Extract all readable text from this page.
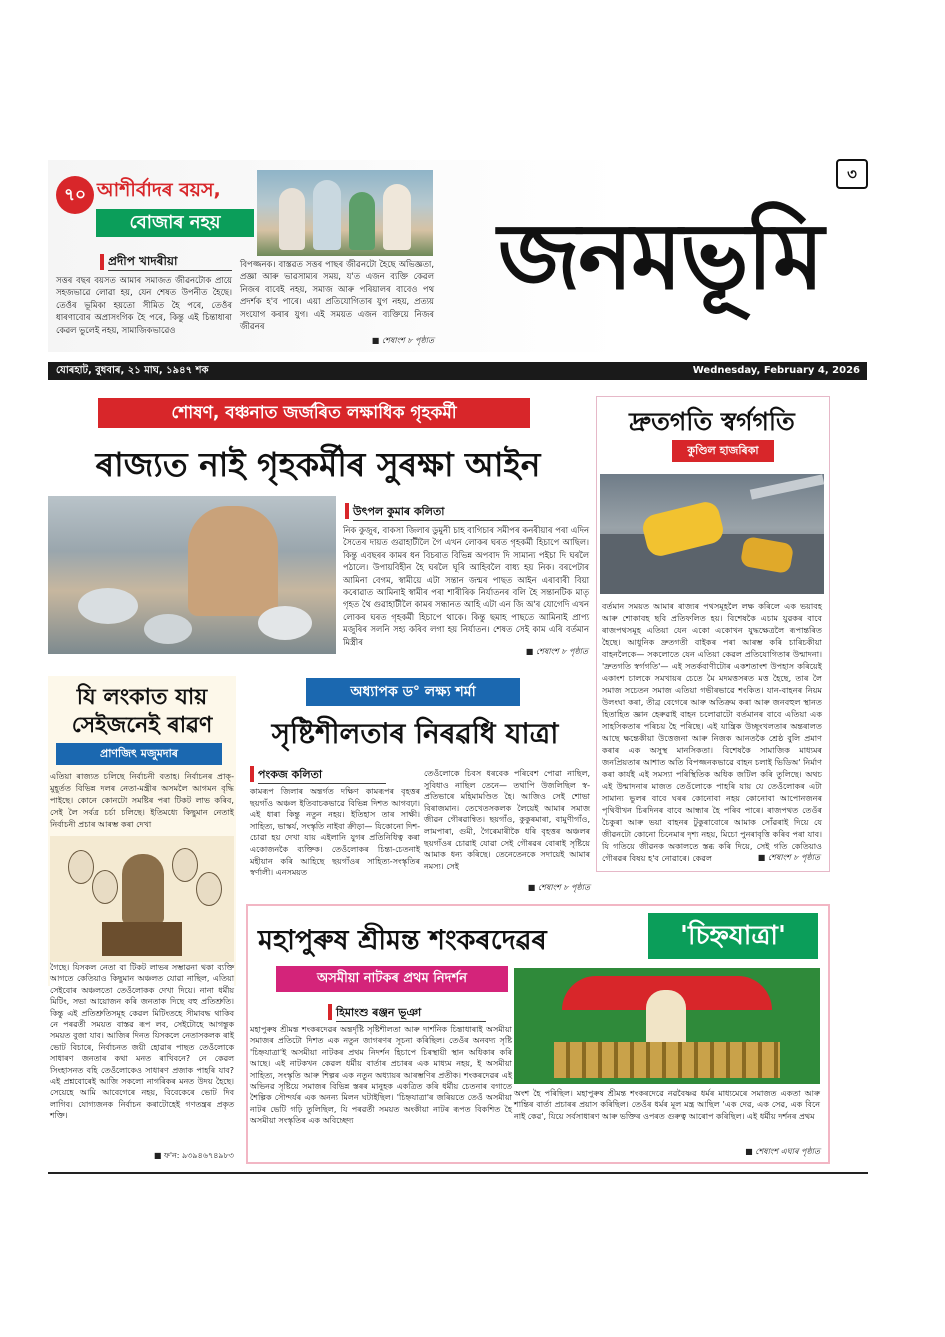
৩
৭০ আশীৰ্বাদৰ বয়স,
বোজাৰ নহয়
প্ৰদীপ খাদৰীয়া
সত্তৰ বছৰ বয়সত আমাৰ সমাজত জীৱনটোক প্ৰায়ে সহজভাৱে লোৱা হয়, যেন শেষত উপনীত হৈছে। তেওঁৰ ভূমিকা হয়তো সীমিত হৈ পৰে, তেওঁৰ ধাৰণাবোৰ অপ্ৰাসংগিক হৈ পৰে, কিন্তু এই চিন্তাধাৰা কেৱল ভুলেই নহয়, সামাজিকভাৱেও
বিপজ্জনক। বাস্তৱত সত্তৰ পাছৰ জীৱনটো হৈছে অভিজ্ঞতা, প্ৰজ্ঞা আৰু ভাৱসাম্যৰ সময়, য'ত এজন ব্যক্তি কেৱল নিজৰ বাবেই নহয়, সমাজ আৰু পৰিয়ালৰ বাবেও পথ প্ৰদৰ্শক হ'ব পাৰে। এয়া প্ৰতিযোগিতাৰ যুগ নহয়, প্ৰত্যয় সংযোগ কৰাৰ যুগ। এই সময়ত এজন ব্যক্তিয়ে নিজৰ জীৱনৰ
■ শেষাংশ ৮ পৃষ্ঠাত
জনমভূমি
যোৰহাট, বুধবাৰ, ২১ মাঘ, ১৯৪৭ শক	Wednesday, February 4, 2026
শোষণ, বঞ্চনাত জৰ্জৰিত লক্ষাধিক গৃহকৰ্মী
ৰাজ্যত নাই গৃহকৰ্মীৰ সুৰক্ষা আইন
উৎপল কুমাৰ কলিতা
নিক কুজুৰ, বাকসা জিলাৰ ডুমুনী চাহ বাগিচাৰ সমীপৰ কনৰীয়াৰ পৰা এদিন সৈতেৰ দায়ত গুৱাহাটীলৈ গৈ এখন লোকৰ ঘৰত গৃহকৰ্মী হিচাপে আছিল। কিন্তু এবছৰৰ কামৰ ধন বিচৰাত বিভিন্ন অপবাদ দি সামান্য পইচা দি ঘৰলৈ পঠালে। উপায়বিহীন হৈ ঘৰলৈ ঘূৰি আহিবলৈ বাধ্য হয় নিক। বৰপেটাৰ আমিনা বেগম, স্বামীয়ে এটা সন্তান জন্মৰ পাছত আইন এৰাবাৰী বিয়া কৰোৱাত আমিনাই স্বামীৰ পৰা শাৰীৰিক নিৰ্যাতনৰ বলি হৈ সন্তানটিক মাতৃ গৃহত থৈ গুৱাহাটীলৈ কামৰ সন্ধানত আহি এটা এন জি অ'ৰ যোগেদি এখন লোকৰ ঘৰত গৃহকৰ্মী হিচাপে থাকে। কিন্তু ছমাহ পাছতে আমিনাই প্ৰাপ্য মজুৰিৰ সলনি সহ্য কৰিব লগা হয় নিৰ্যাতন। শেষত সেই কাম এৰি বৰ্তমান মিস্ত্ৰীৰ
■ শেষাংশ ৮ পৃষ্ঠাত
দ্ৰুতগতি স্বৰ্গগতি
কুণ্ডিল হাজৰিকা
বৰ্তমান সময়ত আমাৰ ৰাজ্যৰ পথসমূহলৈ লক্ষ কৰিলে এক ভয়াবহ আৰু শোকাবহ ছবি প্ৰতিফলিত হয়। বিশেষকৈ এচাম যুৱকৰ বাবে ৰাজপথসমূহ এতিয়া যেন একো একোখন যুদ্ধক্ষেত্ৰলৈ ৰূপান্তৰিত হৈছে। আধুনিক দ্ৰুতগতী বাইকৰ পৰা আৰম্ভ কৰি চাৰিচকীয়া বাহনলৈকে— সকলোতে যেন এতিয়া কেৱল প্ৰতিযোগিতাৰ উন্মাদনা। 'দ্ৰুতগতি স্বৰ্গগতি'— এই সতৰ্কবাণীটোৰ একশতাংশ উপহাস কৰিয়েই একাংশ চালকে সমখায়ৰ চেতে মৈ মদমত্তসৰত মত্ত হৈছে, তাৰ লৈ সমাজ সচেতন সমাজ এতিয়া গভীৰভাৱে শংকিত। যান-বাহনৰ নিয়ম উলংঘা কৰা, তীব্ৰ বেগেৰে আৰু অতিক্ৰম কৰা আৰু জনবহুল স্থানত হিতাহিত জ্ঞান হেৰুৱাই বাহন চলোৱাটো বৰ্তমানৰ বাবে এতিয়া এক সাহসিকতাৰ পৰিচয় হৈ পৰিছে। এই যান্ত্ৰিক উচ্ছৃংখলতাৰ অন্তৰালত আছে ক্ষন্তেকীয়া উত্তেজনা আৰু নিজক আনতকৈ শ্ৰেষ্ঠ বুলি প্ৰমাণ কৰাৰ এক অসুস্থ মানসিকতা। বিশেষকৈ সামাজিক মাধ্যমৰ জনপ্ৰিয়তাৰ আশাত অতি বিপজ্জনকভাৱে বাহন চলাই ভিডিঅ' নিৰ্মাণ কৰা কাৰ্যই এই সমস্যা পৰিস্থিতিক অধিক জটিল কৰি তুলিছে। অথচ এই উন্মাদনাৰ মাজত তেওঁলোকে পাহৰি যায় যে তেওঁলোকৰ এটা সামান্য ভুলৰ বাবে ঘৰৰ কোনোবা নহয় কোনোবা আপোনজনৰ পৃথিবীখন চিৰদিনৰ বাবে আন্ধাৰ হৈ পৰিব পাৰে। ৰাজপথত তেওঁৰ চৈকুৰা আৰু ভয়া বাহনৰ টুকুৰাবোৰে আমাক সোঁৱৰাই দিয়ে যে জীৱনটো কোনো চিনেমাৰ দৃশ্য নহয়, মিচো পুনৰাবৃত্তি কৰিব পৰা যাব। যি গতিয়ে জীৱনক অকালতে স্তব্ধ কৰি দিয়ে, সেই গতি কেতিয়াও গৌৰৱৰ বিষয় হ'ব নোৱাৰে। কেৱল	■ শেষাংশ ৮ পৃষ্ঠাত
যি লংকাত যায়
সেইজনেই ৰাৱণ
প্ৰাণজিৎ মজুমদাৰ
এতিয়া ৰাজ্যত চলিছে নিৰ্বাচনী বতাহ। নিৰ্বাচনৰ প্ৰাক্-মুহূৰ্তত বিভিন্ন দলৰ নেতা-মন্ত্ৰীৰ অসমলৈ আগমন বৃদ্ধি পাইছে। কোনে কোনটো সমষ্টিৰ পৰা টিকট লাভ কৰিব, সেই লৈ সৰ্বত্ৰ চৰ্চা চলিছে। ইতিমধ্যে কিছুমান নেতাই নিৰ্বাচনী প্ৰচাৰ আৰম্ভ কৰা দেখা
গৈছে। যিসকল নেতা বা টিকট লাভৰ সম্ভাৱনা থকা ব্যক্তি আগতে কেতিয়াও কিছুমান অঞ্চলত যোৱা নাছিল, এতিয়া সেইবোৰ অঞ্চলতো তেওঁলোকক দেখা দিয়ে। নানা ধৰ্মীয় মিটিং, সভা আয়োজন কৰি জনতাক দিছে বহু প্ৰতিশ্ৰুতি। কিন্তু এই প্ৰতিশ্ৰুতিসমূহ কেৱল মিটিংতহে সীমাবদ্ধ থাকিব নে পৰৱৰ্তী সময়ত বাস্তৱ ৰূপ লব, সেইটোহে আগন্তুক সময়ত বুজা যাব। আজিৰ দিনত যিসকলে নেতাসকলক ৰাই ভোট বিচাৰে, নিৰ্বাচনত জয়ী হোৱাৰ পাছত তেওঁলোকে সাধাৰণ জনতাৰ কথা মনত ৰাখিবনে? নে কেৱল সিংহাসনত বহি তেওঁলোকেও সাধাৰণ প্ৰজাক পাহৰি যাব? এই প্ৰশ্নবোৰেই আজি সকলো নাগৰিকৰ মনত উদয় হৈছে। সেয়েহে আমি আবেগেৰে নহয়, বিবেকেৰে ভোট দিব লাগিব। যোগ্যজনক নিৰ্বাচন কৰাটোহেই গণতন্ত্ৰৰ প্ৰকৃত শক্তি।
■ ফ'ন: ৯৩৯৪৬৭৪৯৮৩
অধ্যাপক ড° লক্ষ্য শৰ্মা
সৃষ্টিশীলতাৰ নিৰৱধি যাত্ৰা
পংকজ কলিতা
কামৰূপ জিলাৰ অন্তৰ্গত দক্ষিণ কামৰূপৰ বৃহত্তৰ ছয়গাঁও অঞ্চল ইতিবাচকভাৱে বিভিন্ন দিশত আগবঢ়া। এই ধাৰা কিন্তু নতুন নহয়। ইতিহাস তাৰ সাক্ষী। সাহিত্য, ভাস্কৰ্য, সংস্কৃতি নাইবা ক্ৰীড়া— যিকোনো দিশ-চোৱা হয় দেখা যায় এইলানি যুগৰ প্ৰতিনিধিত্ব কৰা একোজনকৈ ব্যক্তিক। তেওঁলোকৰ চিন্তা-চেতনাই মহীয়ান কৰি আহিছে ছয়গাঁওৰ সাহিত্য-সংস্কৃতিৰ স্বৰ্ণালী। এনসময়ত
তেওঁলোকে চিবস ধৰবেক পৰিবেশ পোৱা নাছিল, সুবিধাও নাছিল তেনে— তথাপি উজলিছিল স্ব-প্ৰতিভাৰে মহিমামণ্ডিত হৈ। আজিও সেই শোভা বিৰাজমান। তেখেতসকলক লৈয়েই আমাৰ সমাজ জীৱন গৌৰৱান্বিত। ছয়গাঁও, কুকুৰমাৰা, বামুণীগাঁও, লামপাৰা, গুমী, গৈৰেমাৰীকৈ ধৰি বৃহত্তৰ অঞ্চলৰ ছয়গাঁওৰ চোৱাই যোৱা সেই গৌৰৱৰ বোৰাই সৃষ্টিয়ে আমাক ধন্য কৰিছে। তেনেতেনকে সদায়েই আমাৰ নমস্য। সেই
■ শেষাংশ ৮ পৃষ্ঠাত
মহাপুৰুষ শ্ৰীমন্ত শংকৰদেৱৰ	'চিহ্নযাত্ৰা'
অসমীয়া নাটকৰ প্ৰথম নিদৰ্শন
হিমাংশু ৰঞ্জন ভূঞা
মহাপুৰুষ শ্ৰীমন্ত শংকৰদেৱৰ অন্তৰ্দৃষ্টি সৃষ্টিশীলতা আৰু দাৰ্শনিক চিন্তাধাৰাই অসমীয়া সমাজৰ প্ৰতিটো দিশত এক নতুন জাগৰণৰ সূচনা কৰিছিল। তেওঁৰ অনবদ্য সৃষ্টি 'চিহ্নযাত্ৰা'ই অসমীয়া নাটকৰ প্ৰথম নিদৰ্শন হিচাপে চিৰস্থায়ী স্থান অধিকাৰ কৰি আছে। এই নাটকখন কেৱল ধৰ্মীয় বাৰ্তাৰ প্ৰচাৰৰ এক মাধ্যম নহয়, ই অসমীয়া সাহিত্য, সংস্কৃতি আৰু শিল্পৰ এক নতুন অধ্যায়ৰ আৰম্ভণিৰ প্ৰতীক। শংকৰদেৱৰ এই অভিনৱ সৃষ্টিয়ে সমাজৰ বিভিন্ন স্তৰৰ মানুহক একত্ৰিত কৰি ধৰ্মীয় চেতনাৰ বগাতে শৈল্পিক সৌন্দৰ্যৰ এক অনন্য মিলন ঘটাইছিল। 'চিহ্নযাত্ৰা'ৰ জৰিয়তে তেওঁ অসমীয়া নাটৰ ভেটি গঢ়ি তুলিছিল, যি পৰৱৰ্তী সময়ত অংকীয়া নাটৰ ৰূপত বিকশিত হৈ অসমীয়া সংস্কৃতিৰ এক অবিচ্ছেদ্য
অংশ হৈ পৰিছিল। মহাপুৰুষ শ্ৰীমন্ত শংকৰদেৱে নৱবৈষ্ণৱ ধৰ্মৰ মাধ্যমেৰে সমাজত একতা আৰু শান্তিৰ বাৰ্তা প্ৰচাৰৰ প্ৰয়াস কৰিছিল। তেওঁৰ ধৰ্মৰ মূল মন্ত্ৰ আছিল 'এক দেৱ, এক সেৱ, এক বিনে নাই কেৱ', যিয়ে সৰ্বসাধাৰণ আৰু ভক্তিৰ ওপৰত গুৰুত্ব আৰোপ কৰিছিল। এই ধৰ্মীয় দৰ্শনৰ প্ৰথম
■ শেষাংশ এঘাৰ পৃষ্ঠাত
